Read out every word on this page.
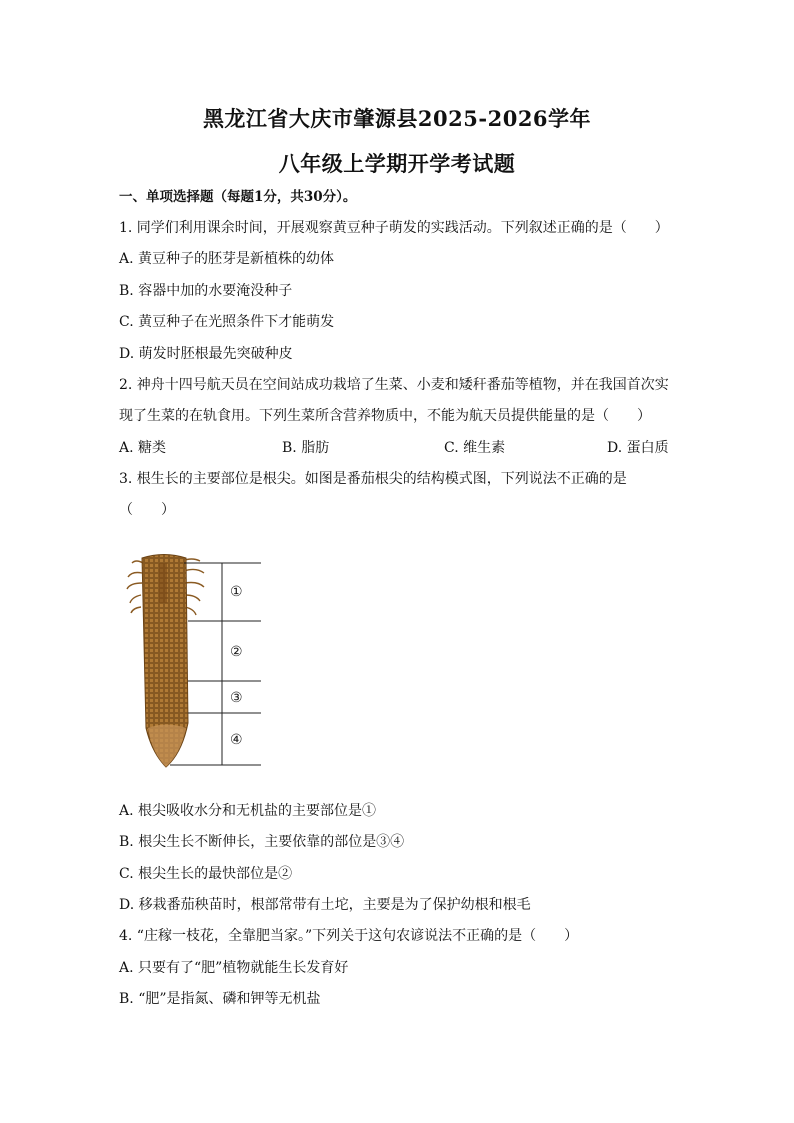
黑龙江省大庆市肇源县2025-2026学年
八年级上学期开学考试题
一、单项选择题（每题1分，共30分）。
1. 同学们利用课余时间，开展观察黄豆种子萌发的实践活动。下列叙述正确的是（　　）
A. 黄豆种子的胚芽是新植株的幼体
B. 容器中加的水要淹没种子
C. 黄豆种子在光照条件下才能萌发
D. 萌发时胚根最先突破种皮
2. 神舟十四号航天员在空间站成功栽培了生菜、小麦和矮秆番茄等植物，并在我国首次实
现了生菜的在轨食用。下列生菜所含营养物质中，不能为航天员提供能量的是（　　）
A. 糖类	B. 脂肪	C. 维生素	D. 蛋白质
3. 根生长的主要部位是根尖。如图是番茄根尖的结构模式图，下列说法不正确的是
（　　）
①
②
③
④
A. 根尖吸收水分和无机盐的主要部位是①
B. 根尖生长不断伸长，主要依靠的部位是③④
C. 根尖生长的最快部位是②
D. 移栽番茄秧苗时，根部常带有土坨，主要是为了保护幼根和根毛
4. “庄稼一枝花，全靠肥当家。”下列关于这句农谚说法不正确的是（　　）
A. 只要有了“肥”植物就能生长发育好
B. “肥”是指氮、磷和钾等无机盐
